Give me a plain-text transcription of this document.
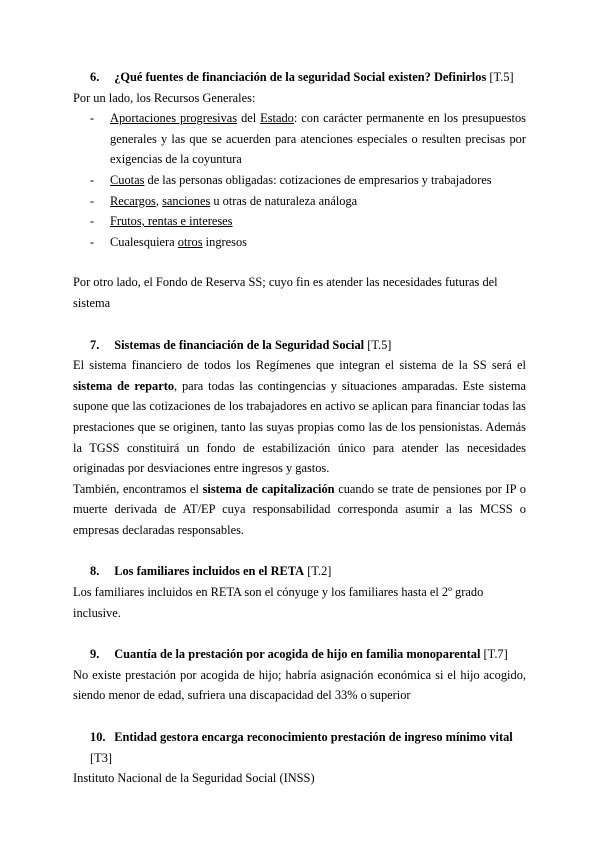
6. ¿Qué fuentes de financiación de la seguridad Social existen? Definirlos [T.5]

Por un lado, los Recursos Generales:

- Aportaciones progresivas del Estado: con carácter permanente en los presupuestos generales y las que se acuerden para atenciones especiales o resulten precisas por exigencias de la coyuntura
- Cuotas de las personas obligadas: cotizaciones de empresarios y trabajadores
- Recargos, sanciones u otras de naturaleza análoga
- Frutos, rentas e intereses
- Cualesquiera otros ingresos

Por otro lado, el Fondo de Reserva SS; cuyo fin es atender las necesidades futuras del sistema

7. Sistemas de financiación de la Seguridad Social [T.5]

El sistema financiero de todos los Regímenes que integran el sistema de la SS será el sistema de reparto, para todas las contingencias y situaciones amparadas. Este sistema supone que las cotizaciones de los trabajadores en activo se aplican para financiar todas las prestaciones que se originen, tanto las suyas propias como las de los pensionistas. Además la TGSS constituirá un fondo de estabilización único para atender las necesidades originadas por desviaciones entre ingresos y gastos.

También, encontramos el sistema de capitalización cuando se trate de pensiones por IP o muerte derivada de AT/EP cuya responsabilidad corresponda asumir a las MCSS o empresas declaradas responsables.

8. Los familiares incluidos en el RETA [T.2]

Los familiares incluidos en RETA son el cónyuge y los familiares hasta el 2º grado inclusive.

9. Cuantía de la prestación por acogida de hijo en familia monoparental [T.7]

No existe prestación por acogida de hijo; habría asignación económica si el hijo acogido, siendo menor de edad, sufriera una discapacidad del 33% o superior

10. Entidad gestora encarga reconocimiento prestación de ingreso mínimo vital [T3]

Instituto Nacional de la Seguridad Social (INSS)
